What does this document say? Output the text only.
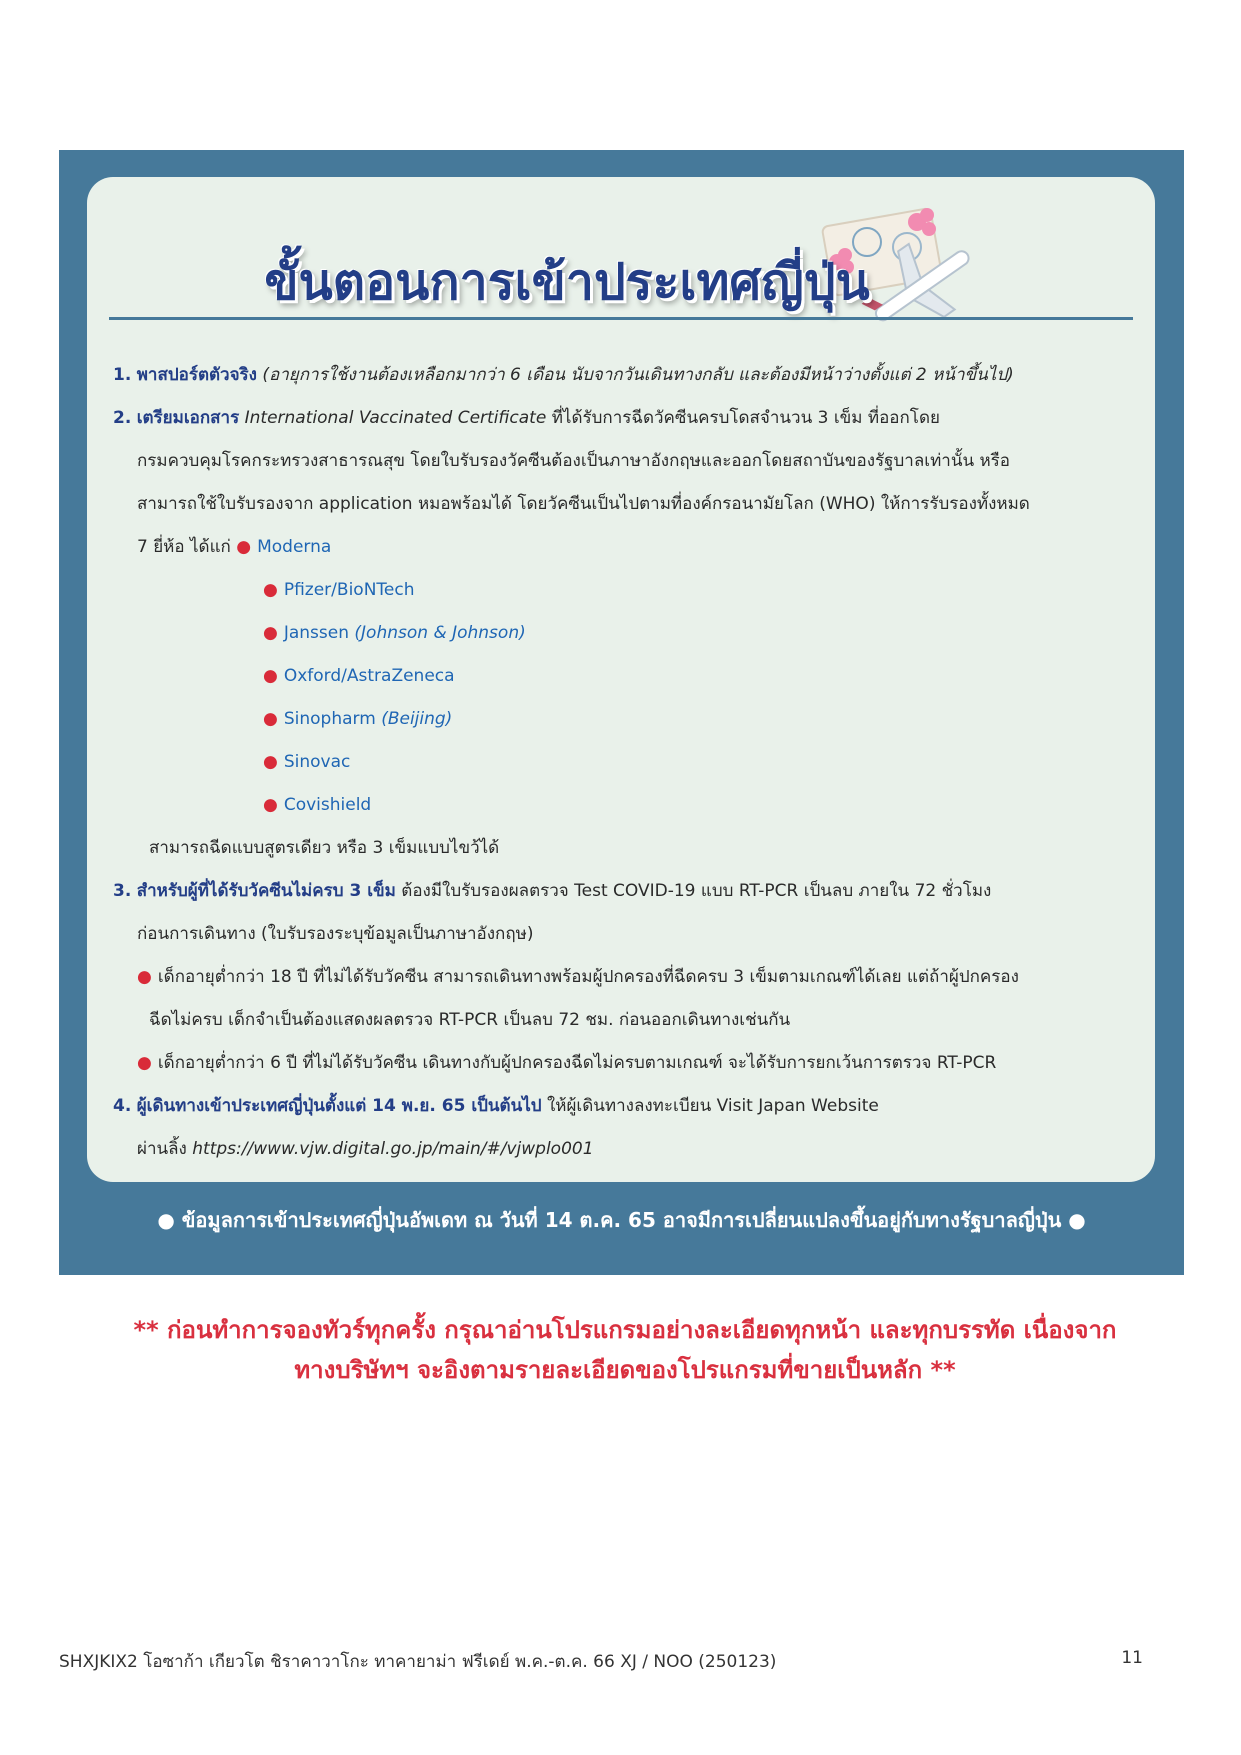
ขั้นตอนการเข้าประเทศญี่ปุ่น
1. พาสปอร์ตตัวจริง (อายุการใช้งานต้องเหลือกมากว่า 6 เดือน นับจากวันเดินทางกลับ และต้องมีหน้าว่างตั้งแต่ 2 หน้าขึ้นไป)
2. เตรียมเอกสาร International Vaccinated Certificate ที่ได้รับการฉีดวัคซีนครบโดสจำนวน 3 เข็ม ที่ออกโดย
กรมควบคุมโรคกระทรวงสาธารณสุข โดยใบรับรองวัคซีนต้องเป็นภาษาอังกฤษและออกโดยสถาบันของรัฐบาลเท่านั้น หรือ
สามารถใช้ใบรับรองจาก application หมอพร้อมได้ โดยวัคซีนเป็นไปตามที่องค์กรอนามัยโลก (WHO) ให้การรับรองทั้งหมด
7 ยี่ห้อ ได้แก่ ● Moderna
● Pfizer/BioNTech
● Janssen (Johnson & Johnson)
● Oxford/AstraZeneca
● Sinopharm (Beijing)
● Sinovac
● Covishield
สามารถฉีดแบบสูตรเดียว หรือ 3 เข็มแบบไขว้ได้
3. สำหรับผู้ที่ได้รับวัคซีนไม่ครบ 3 เข็ม ต้องมีใบรับรองผลตรวจ Test COVID-19 แบบ RT-PCR เป็นลบ ภายใน 72 ชั่วโมง
ก่อนการเดินทาง (ใบรับรองระบุข้อมูลเป็นภาษาอังกฤษ)
● เด็กอายุต่ำกว่า 18 ปี ที่ไม่ได้รับวัคซีน สามารถเดินทางพร้อมผู้ปกครองที่ฉีดครบ 3 เข็มตามเกณฑ์ได้เลย แต่ถ้าผู้ปกครอง
ฉีดไม่ครบ เด็กจำเป็นต้องแสดงผลตรวจ RT-PCR เป็นลบ 72 ชม. ก่อนออกเดินทางเช่นกัน
● เด็กอายุต่ำกว่า 6 ปี ที่ไม่ได้รับวัคซีน เดินทางกับผู้ปกครองฉีดไม่ครบตามเกณฑ์ จะได้รับการยกเว้นการตรวจ RT-PCR
4. ผู้เดินทางเข้าประเทศญี่ปุ่นตั้งแต่ 14 พ.ย. 65 เป็นต้นไป ให้ผู้เดินทางลงทะเบียน Visit Japan Website
ผ่านลิ้ง https://www.vjw.digital.go.jp/main/#/vjwplo001
● ข้อมูลการเข้าประเทศญี่ปุ่นอัพเดท ณ วันที่ 14 ต.ค. 65 อาจมีการเปลี่ยนแปลงขึ้นอยู่กับทางรัฐบาลญี่ปุ่น ●
** ก่อนทำการจองทัวร์ทุกครั้ง กรุณาอ่านโปรแกรมอย่างละเอียดทุกหน้า และทุกบรรทัด เนื่องจาก
ทางบริษัทฯ จะอิงตามรายละเอียดของโปรแกรมที่ขายเป็นหลัก **
SHXJKIX2 โอซาก้า เกียวโต ชิราคาวาโกะ ทาคายาม่า ฟรีเดย์ พ.ค.-ต.ค. 66 XJ / NOO (250123)	11
